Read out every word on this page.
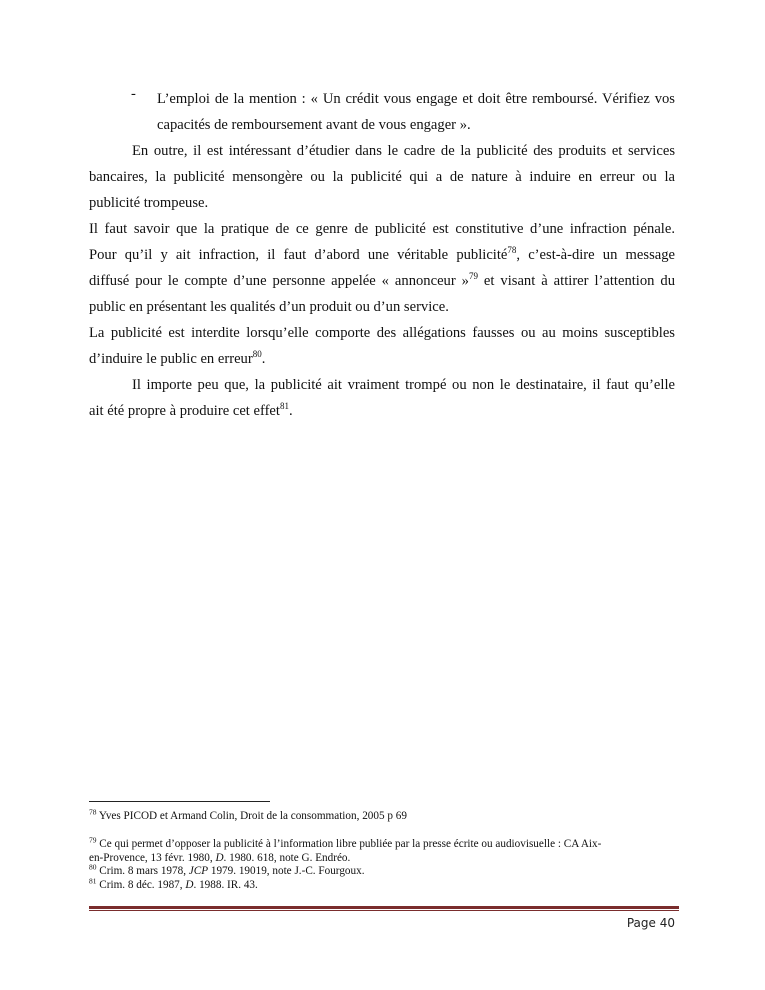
- L’emploi de la mention : « Un crédit vous engage et doit être remboursé. Vérifiez vos
capacités de remboursement avant de vous engager ».
En outre, il est intéressant d’étudier dans le cadre de la publicité des produits et services
bancaires, la publicité mensongère ou la publicité qui a de nature à induire en erreur ou la
publicité trompeuse.
Il faut savoir que la pratique de ce genre de publicité est constitutive d’une infraction pénale.
Pour qu’il y ait infraction, il faut d’abord une véritable publicité$^{78}$, c’est-à-dire un message
diffusé pour le compte d’une personne appelée « annonceur »$^{79}$ et visant à attirer l’attention du
public en présentant les qualités d’un produit ou d’un service.
La publicité est interdite lorsqu’elle comporte des allégations fausses ou au moins susceptibles
d’induire le public en erreur$^{80}$.
Il importe peu que, la publicité ait vraiment trompé ou non le destinataire, il faut qu’elle
ait été propre à produire cet effet$^{81}$.
$^{78}$ Yves PICOD et Armand Colin, Droit de la consommation, 2005 p 69
$^{79}$ Ce qui permet d’opposer la publicité à l’information libre publiée par la presse écrite ou audiovisuelle : CA Aix-
en-Provence, 13 févr. 1980, D. 1980. 618, note G. Endréo.
$^{80}$ Crim. 8 mars 1978, JCP 1979. 19019, note J.-C. Fourgoux.
$^{81}$ Crim. 8 déc. 1987, D. 1988. IR. 43.
Page 40
